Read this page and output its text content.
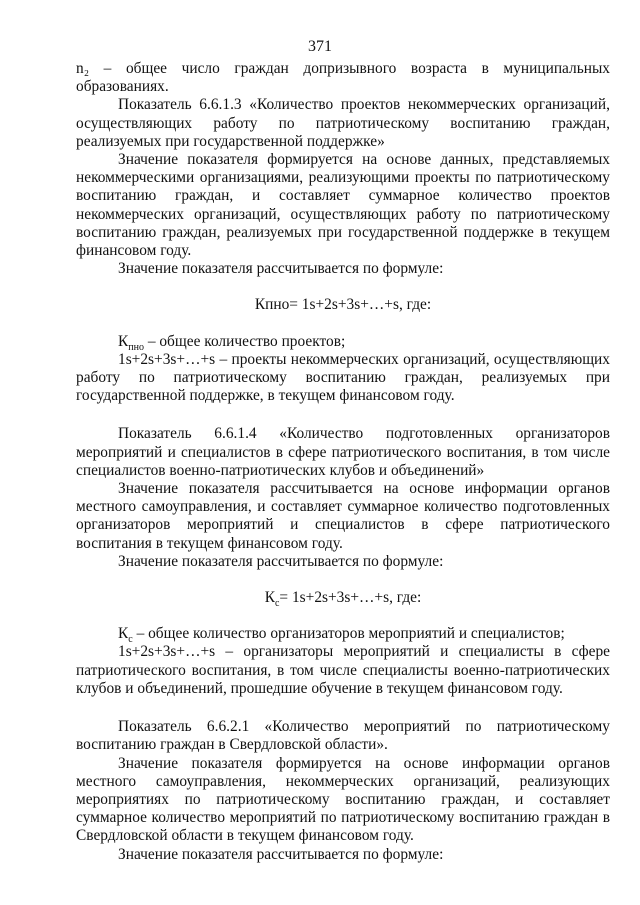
371

n₂ – общее число граждан допризывного возраста в муниципальных образованиях.

Показатель 6.6.1.3 «Количество проектов некоммерческих организаций, осуществляющих работу по патриотическому воспитанию граждан, реализуемых при государственной поддержке»

Значение показателя формируется на основе данных, представляемых некоммерческими организациями, реализующими проекты по патриотическому воспитанию граждан, и составляет суммарное количество проектов некоммерческих организаций, осуществляющих работу по патриотическому воспитанию граждан, реализуемых при государственной поддержке в текущем финансовом году.

Значение показателя рассчитывается по формуле:

Кпно= 1s+2s+3s+…+s, где:

$К_{пно}$ – общее количество проектов;

1s+2s+3s+…+s – проекты некоммерческих организаций, осуществляющих работу по патриотическому воспитанию граждан, реализуемых при государственной поддержке, в текущем финансовом году.

Показатель 6.6.1.4 «Количество подготовленных организаторов мероприятий и специалистов в сфере патриотического воспитания, в том числе специалистов военно-патриотических клубов и объединений»

Значение показателя рассчитывается на основе информации органов местного самоуправления, и составляет суммарное количество подготовленных организаторов мероприятий и специалистов в сфере патриотического воспитания в текущем финансовом году.

Значение показателя рассчитывается по формуле:

$К_с=$ 1s+2s+3s+…+s, где:

$К_с$ – общее количество организаторов мероприятий и специалистов;

1s+2s+3s+…+s – организаторы мероприятий и специалисты в сфере патриотического воспитания, в том числе специалисты военно-патриотических клубов и объединений, прошедшие обучение в текущем финансовом году.

Показатель 6.6.2.1 «Количество мероприятий по патриотическому воспитанию граждан в Свердловской области».

Значение показателя формируется на основе информации органов местного самоуправления, некоммерческих организаций, реализующих мероприятиях по патриотическому воспитанию граждан, и составляет суммарное количество мероприятий по патриотическому воспитанию граждан в Свердловской области в текущем финансовом году.

Значение показателя рассчитывается по формуле:
